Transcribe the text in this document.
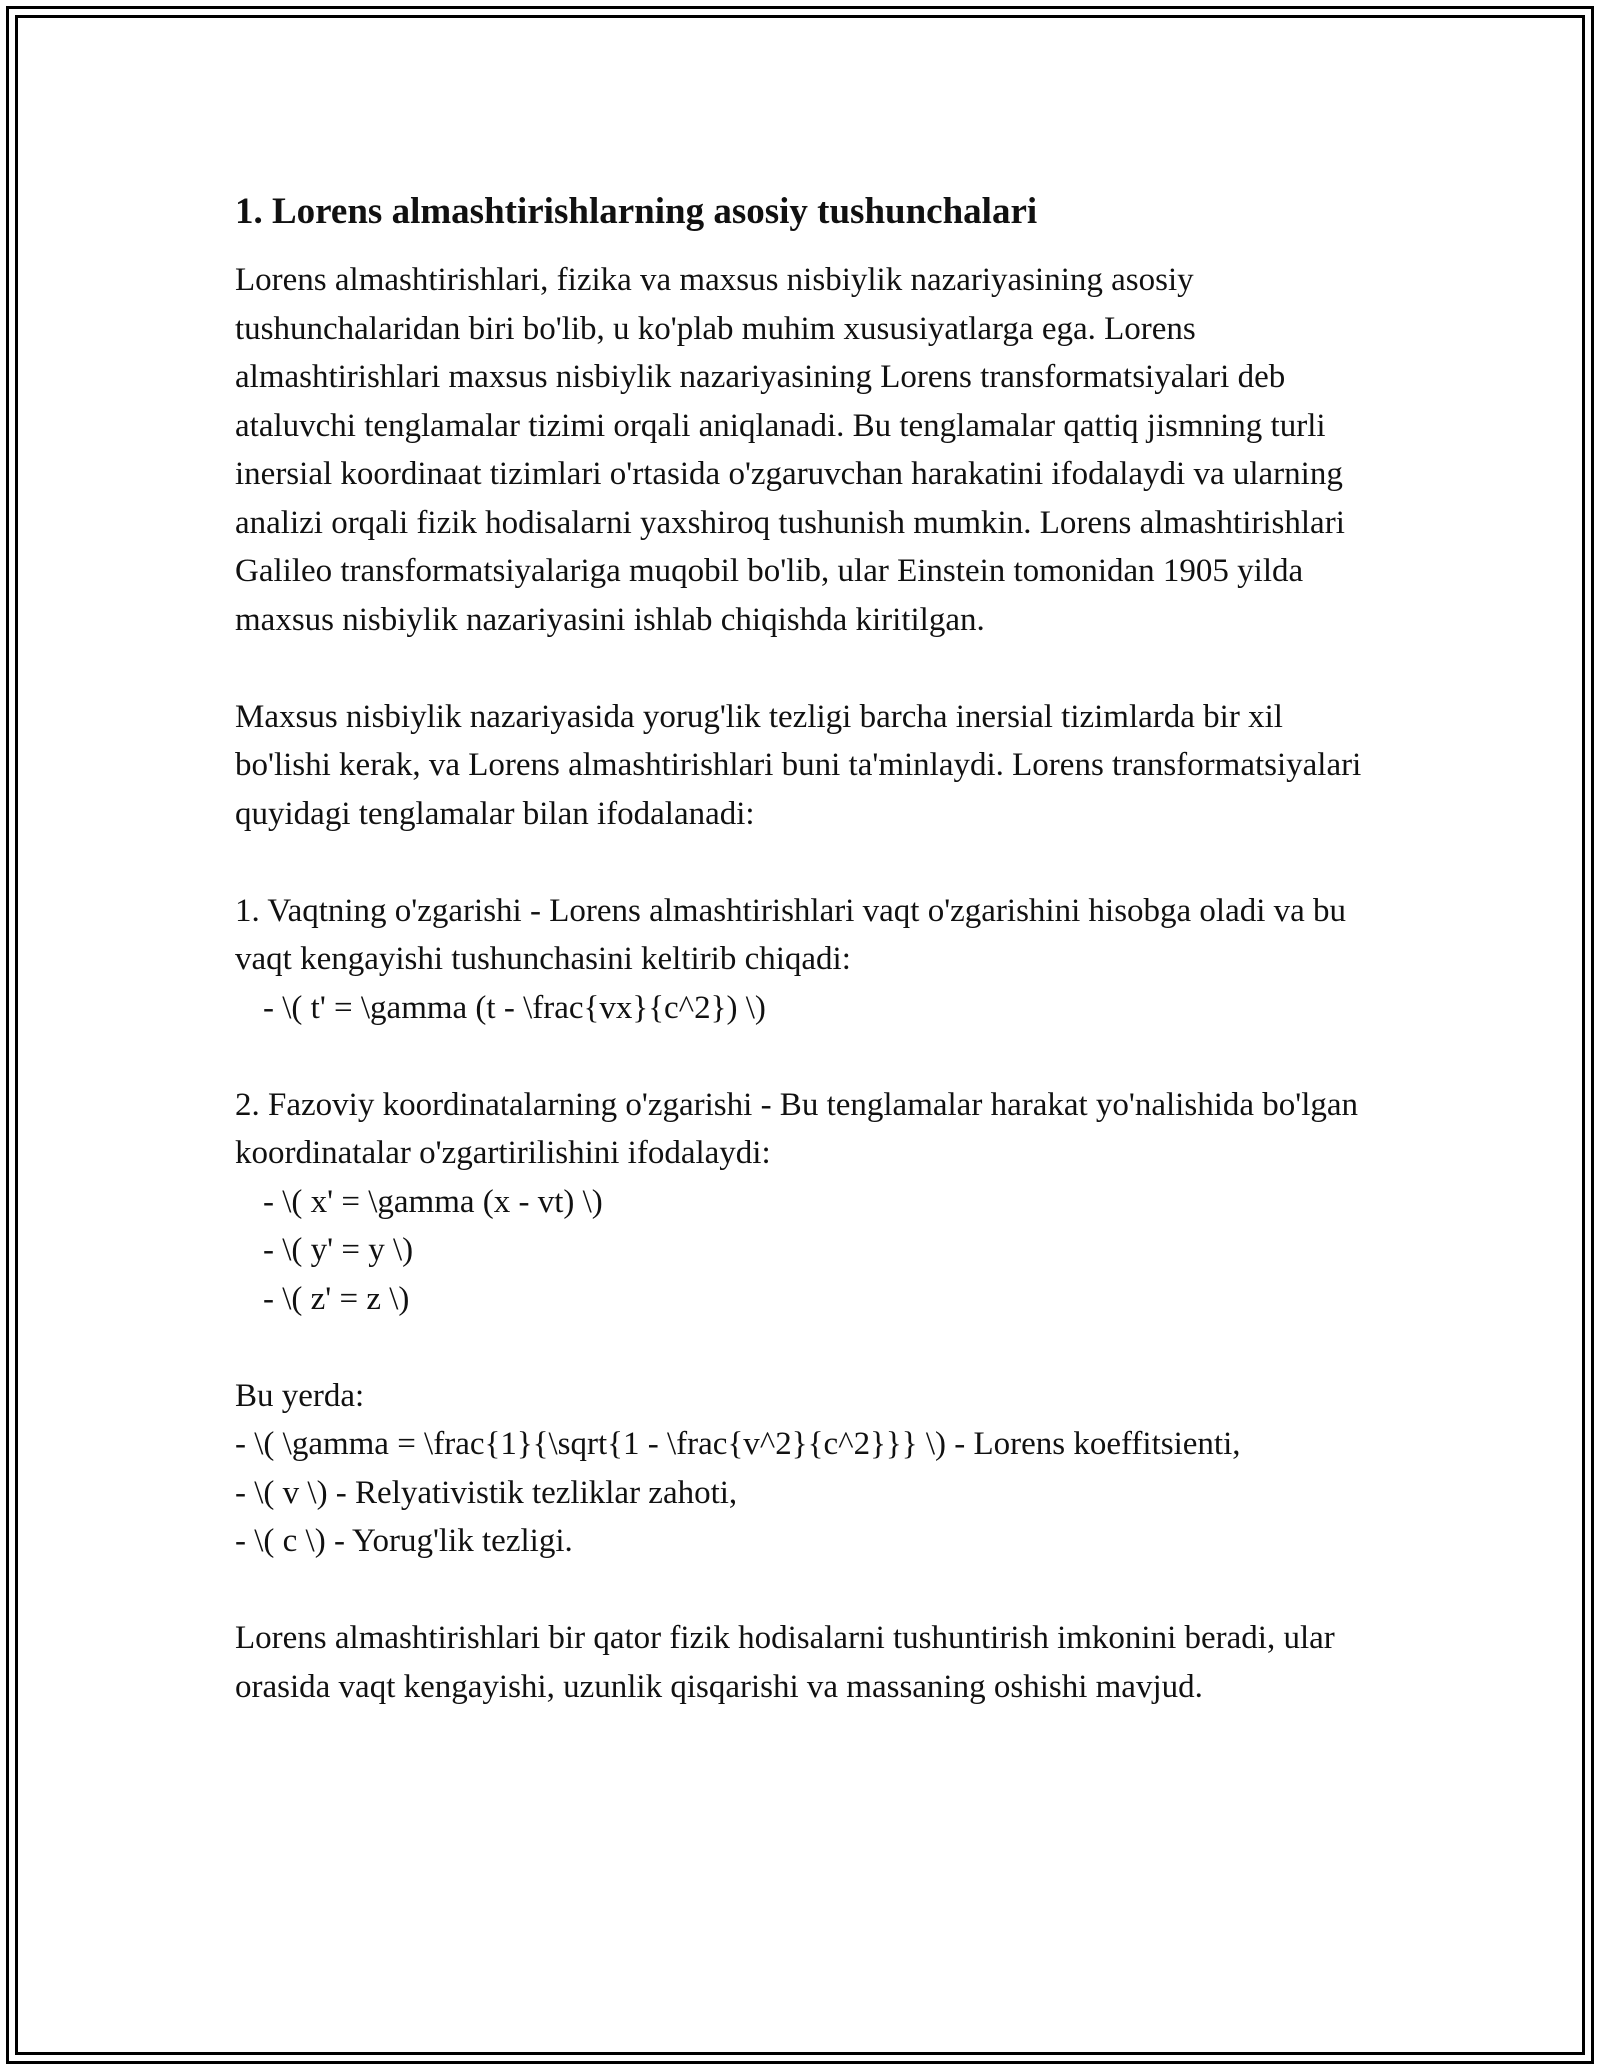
1. Lorens almashtirishlarning asosiy tushunchalari

Lorens almashtirishlari, fizika va maxsus nisbiylik nazariyasining asosiy tushunchalaridan biri bo'lib, u ko'plab muhim xususiyatlarga ega. Lorens almashtirishlari maxsus nisbiylik nazariyasining Lorens transformatsiyalari deb ataluvchi tenglamalar tizimi orqali aniqlanadi. Bu tenglamalar qattiq jismning turli inersial koordinaat tizimlari o'rtasida o'zgaruvchan harakatini ifodalaydi va ularning analizi orqali fizik hodisalarni yaxshiroq tushunish mumkin. Lorens almashtirishlari Galileo transformatsiyalariga muqobil bo'lib, ular Einstein tomonidan 1905 yilda maxsus nisbiylik nazariyasini ishlab chiqishda kiritilgan.

Maxsus nisbiylik nazariyasida yorug'lik tezligi barcha inersial tizimlarda bir xil bo'lishi kerak, va Lorens almashtirishlari buni ta'minlaydi. Lorens transformatsiyalari quyidagi tenglamalar bilan ifodalanadi:

1. Vaqtning o'zgarishi - Lorens almashtirishlari vaqt o'zgarishini hisobga oladi va bu vaqt kengayishi tushunchasini keltirib chiqadi:

- \( t' = \gamma (t - \frac{vx}{c^2}) \)

2. Fazoviy koordinatalarning o'zgarishi - Bu tenglamalar harakat yo'nalishida bo'lgan koordinatalar o'zgartirilishini ifodalaydi:

- \( x' = \gamma (x - vt) \)
- \( y' = y \)
- \( z' = z \)
Bu yerda:
- \( \gamma = \frac{1}{\sqrt{1 - \frac{v^2}{c^2}}} \) - Lorens koeffitsienti,
- \( v \) - Relyativistik tezliklar zahoti,
- \( c \) - Yorug'lik tezligi.

Lorens almashtirishlari bir qator fizik hodisalarni tushuntirish imkonini beradi, ular orasida vaqt kengayishi, uzunlik qisqarishi va massaning oshishi mavjud.
